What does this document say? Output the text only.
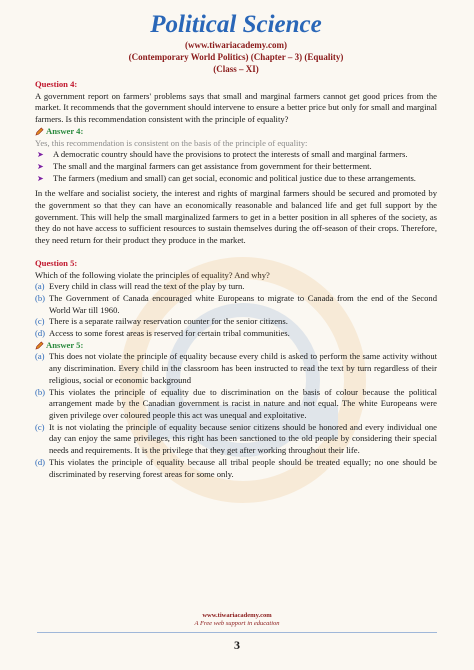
Political Science
(www.tiwariacademy.com)
(Contemporary World Politics) (Chapter – 3) (Equality)
(Class – XI)
Question 4:
A government report on farmers' problems says that small and marginal farmers cannot get good prices from the market. It recommends that the government should intervene to ensure a better price but only for small and marginal farmers. Is this recommendation consistent with the principle of equality?
Answer 4:
Yes, this recommendation is consistent on the basis of the principle of equality:
➤ A democratic country should have the provisions to protect the interests of small and marginal farmers.
➤ The small and the marginal farmers can get assistance from government for their betterment.
➤ The farmers (medium and small) can get social, economic and political justice due to these arrangements.
In the welfare and socialist society, the interest and rights of marginal farmers should be secured and promoted by the government so that they can have an economically reasonable and balanced life and get full support by the government. This will help the small marginalized farmers to get in a better position in all spheres of the society, as they do not have access to sufficient resources to sustain themselves during the off-season of their crops. Therefore, they need return for their product they produce in the market.
Question 5:
Which of the following violate the principles of equality? And why?
(a) Every child in class will read the text of the play by turn.
(b) The Government of Canada encouraged white Europeans to migrate to Canada from the end of the Second World War till 1960.
(c) There is a separate railway reservation counter for the senior citizens.
(d) Access to some forest areas is reserved for certain tribal communities.
Answer 5:
(a) This does not violate the principle of equality because every child is asked to perform the same activity without any discrimination. Every child in the classroom has been instructed to read the text by turn regardless of their religious, social or economic background
(b) This violates the principle of equality due to discrimination on the basis of colour because the political arrangement made by the Canadian government is racist in nature and not equal. The white Europeans were given privilege over coloured people this act was unequal and exploitative.
(c) It is not violating the principle of equality because senior citizens should be honored and every individual one day can enjoy the same privileges, this right has been sanctioned to the old people by considering their special needs and requirements. It is the privilege that they get after working throughout their life.
(d) This violates the principle of equality because all tribal people should be treated equally; no one should be discriminated by reserving forest areas for some only.
www.tiwariacademy.com
A Free web support in education
3
